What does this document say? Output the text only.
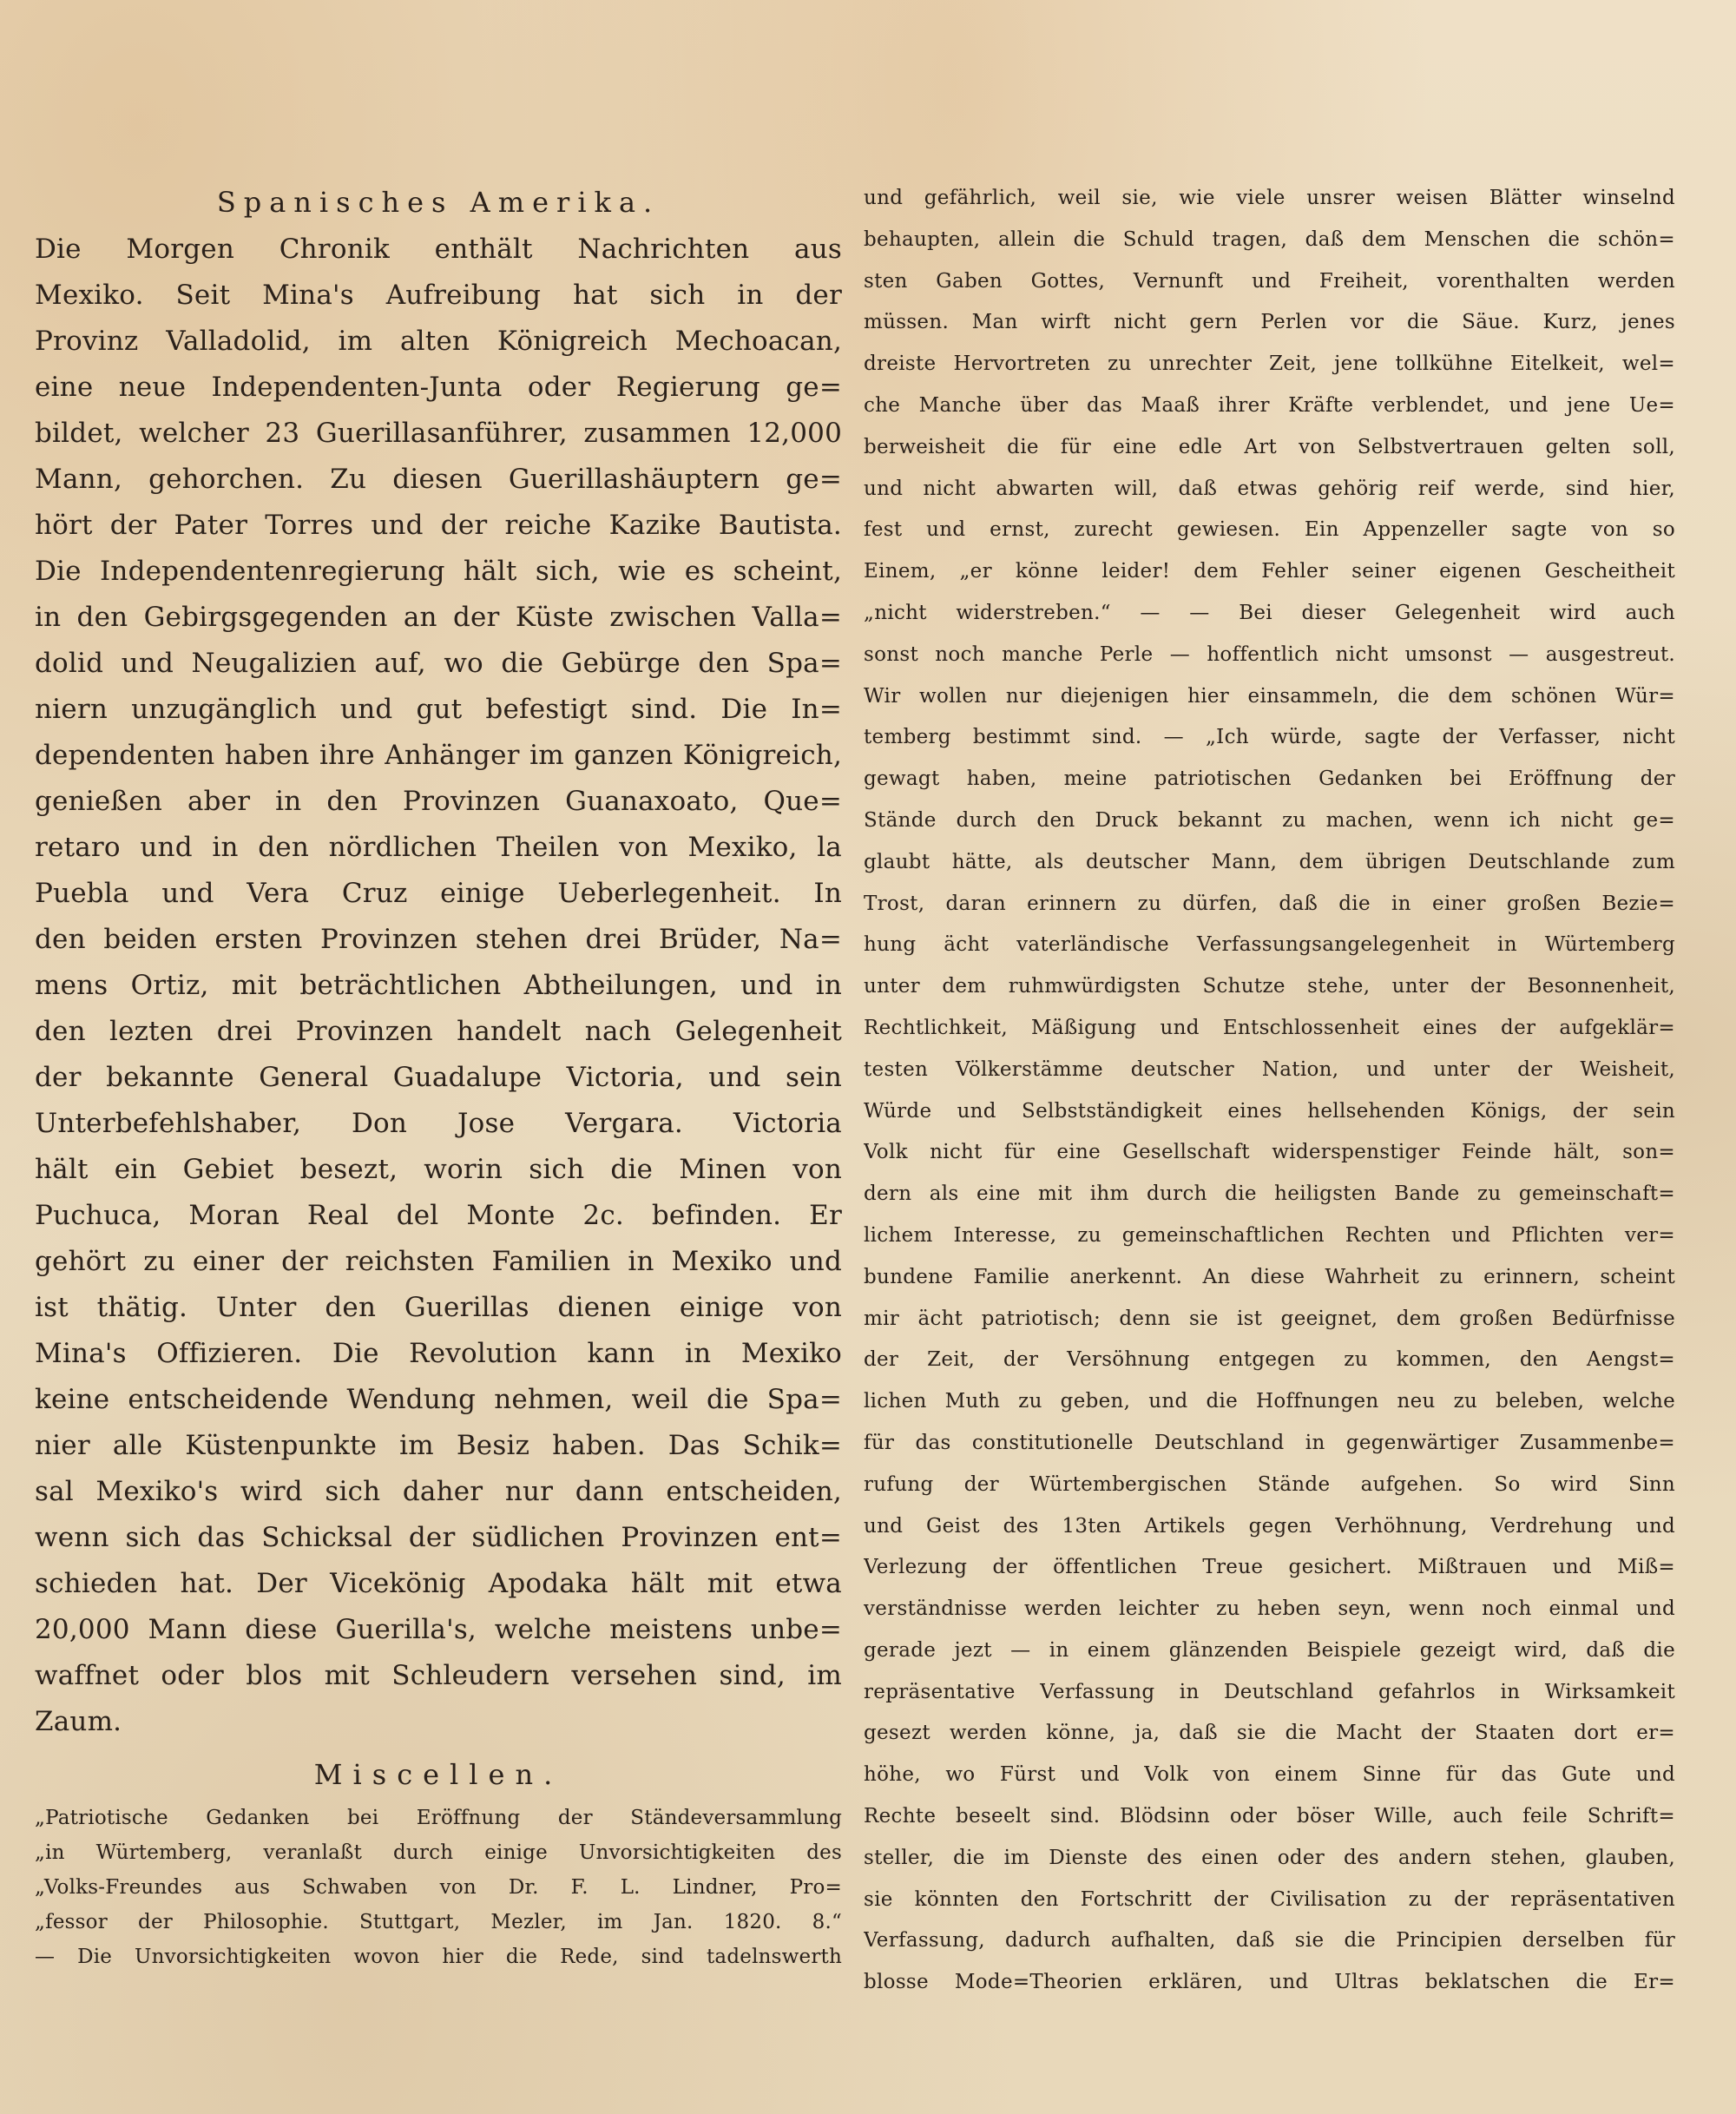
Spanisches Amerika.
Die Morgen Chronik enthält Nachrichten aus
Mexiko. Seit Mina's Aufreibung hat sich in der
Provinz Valladolid, im alten Königreich Mechoacan,
eine neue Independenten-Junta oder Regierung ge=
bildet, welcher 23 Guerillasanführer, zusammen 12,000
Mann, gehorchen. Zu diesen Guerillashäuptern ge=
hört der Pater Torres und der reiche Kazike Bautista.
Die Independentenregierung hält sich, wie es scheint,
in den Gebirgsgegenden an der Küste zwischen Valla=
dolid und Neugalizien auf, wo die Gebürge den Spa=
niern unzugänglich und gut befestigt sind. Die In=
dependenten haben ihre Anhänger im ganzen Königreich,
genießen aber in den Provinzen Guanaxoato, Que=
retaro und in den nördlichen Theilen von Mexiko, la
Puebla und Vera Cruz einige Ueberlegenheit. In
den beiden ersten Provinzen stehen drei Brüder, Na=
mens Ortiz, mit beträchtlichen Abtheilungen, und in
den lezten drei Provinzen handelt nach Gelegenheit
der bekannte General Guadalupe Victoria, und sein
Unterbefehlshaber, Don Jose Vergara. Victoria
hält ein Gebiet besezt, worin sich die Minen von
Puchuca, Moran Real del Monte 2c. befinden. Er
gehört zu einer der reichsten Familien in Mexiko und
ist thätig. Unter den Guerillas dienen einige von
Mina's Offizieren. Die Revolution kann in Mexiko
keine entscheidende Wendung nehmen, weil die Spa=
nier alle Küstenpunkte im Besiz haben. Das Schik=
sal Mexiko's wird sich daher nur dann entscheiden,
wenn sich das Schicksal der südlichen Provinzen ent=
schieden hat. Der Vicekönig Apodaka hält mit etwa
20,000 Mann diese Guerilla's, welche meistens unbe=
waffnet oder blos mit Schleudern versehen sind, im
Zaum.
Miscellen.
„Patriotische Gedanken bei Eröffnung der Ständeversammlung
„in Würtemberg, veranlaßt durch einige Unvorsichtigkeiten des
„Volks-Freundes aus Schwaben von Dr. F. L. Lindner, Pro=
„fessor der Philosophie. Stuttgart, Mezler, im Jan. 1820. 8.“
— Die Unvorsichtigkeiten wovon hier die Rede, sind tadelnswerth
und gefährlich, weil sie, wie viele unsrer weisen Blätter winselnd
behaupten, allein die Schuld tragen, daß dem Menschen die schön=
sten Gaben Gottes, Vernunft und Freiheit, vorenthalten werden
müssen. Man wirft nicht gern Perlen vor die Säue. Kurz, jenes
dreiste Hervortreten zu unrechter Zeit, jene tollkühne Eitelkeit, wel=
che Manche über das Maaß ihrer Kräfte verblendet, und jene Ue=
berweisheit die für eine edle Art von Selbstvertrauen gelten soll,
und nicht abwarten will, daß etwas gehörig reif werde, sind hier,
fest und ernst, zurecht gewiesen. Ein Appenzeller sagte von so
Einem, „er könne leider! dem Fehler seiner eigenen Gescheitheit
„nicht widerstreben.“ — — Bei dieser Gelegenheit wird auch
sonst noch manche Perle — hoffentlich nicht umsonst — ausgestreut.
Wir wollen nur diejenigen hier einsammeln, die dem schönen Wür=
temberg bestimmt sind. — „Ich würde, sagte der Verfasser, nicht
gewagt haben, meine patriotischen Gedanken bei Eröffnung der
Stände durch den Druck bekannt zu machen, wenn ich nicht ge=
glaubt hätte, als deutscher Mann, dem übrigen Deutschlande zum
Trost, daran erinnern zu dürfen, daß die in einer großen Bezie=
hung ächt vaterländische Verfassungsangelegenheit in Würtemberg
unter dem ruhmwürdigsten Schutze stehe, unter der Besonnenheit,
Rechtlichkeit, Mäßigung und Entschlossenheit eines der aufgeklär=
testen Völkerstämme deutscher Nation, und unter der Weisheit,
Würde und Selbstständigkeit eines hellsehenden Königs, der sein
Volk nicht für eine Gesellschaft widerspenstiger Feinde hält, son=
dern als eine mit ihm durch die heiligsten Bande zu gemeinschaft=
lichem Interesse, zu gemeinschaftlichen Rechten und Pflichten ver=
bundene Familie anerkennt. An diese Wahrheit zu erinnern, scheint
mir ächt patriotisch; denn sie ist geeignet, dem großen Bedürfnisse
der Zeit, der Versöhnung entgegen zu kommen, den Aengst=
lichen Muth zu geben, und die Hoffnungen neu zu beleben, welche
für das constitutionelle Deutschland in gegenwärtiger Zusammenbe=
rufung der Würtembergischen Stände aufgehen. So wird Sinn
und Geist des 13ten Artikels gegen Verhöhnung, Verdrehung und
Verlezung der öffentlichen Treue gesichert. Mißtrauen und Miß=
verständnisse werden leichter zu heben seyn, wenn noch einmal und
gerade jezt — in einem glänzenden Beispiele gezeigt wird, daß die
repräsentative Verfassung in Deutschland gefahrlos in Wirksamkeit
gesezt werden könne, ja, daß sie die Macht der Staaten dort er=
höhe, wo Fürst und Volk von einem Sinne für das Gute und
Rechte beseelt sind. Blödsinn oder böser Wille, auch feile Schrift=
steller, die im Dienste des einen oder des andern stehen, glauben,
sie könnten den Fortschritt der Civilisation zu der repräsentativen
Verfassung, dadurch aufhalten, daß sie die Principien derselben für
blosse Mode=Theorien erklären, und Ultras beklatschen die Er=
